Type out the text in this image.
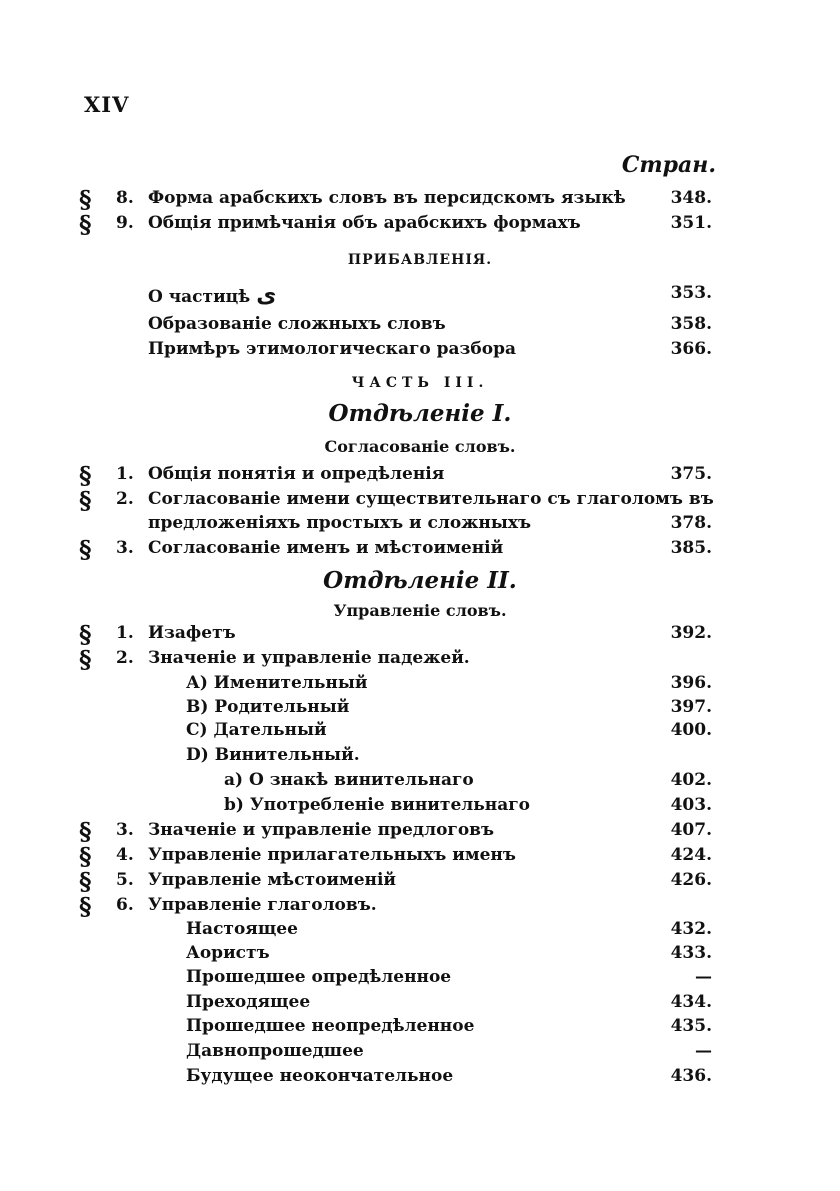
XIV
Стран.
§ 8. Форма арабскихъ словъ въ персидскомъ языкѣ	348.
§ 9. Общія примѣчанія объ арабскихъ формахъ	351.
ПРИБАВЛЕНІЯ.
О частицѣ ى	353.
Образованіе сложныхъ словъ	358.
Примѣръ этимологическаго разбора	366.
ЧАСТЬ III.
Отдѣленіе I.
Согласованіе словъ.
§ 1. Общія понятія и опредѣленія	375.
§ 2. Согласованіе имени существительнаго съ глаголомъ въ
предложеніяхъ простыхъ и сложныхъ	378.
§ 3. Согласованіе именъ и мѣстоименій	385.
Отдѣленіе II.
Управленіе словъ.
§ 1. Изафетъ	392.
§ 2. Значеніе и управленіе падежей.
А) Именительный	396.
В) Родительный	397.
С) Дательный	400.
D) Винительный.
a) О знакѣ винительнаго	402.
b) Употребленіе винительнаго	403.
§ 3. Значеніе и управленіе предлоговъ	407.
§ 4. Управленіе прилагательныхъ именъ	424.
§ 5. Управленіе мѣстоименій	426.
§ 6. Управленіе глаголовъ.
Настоящее	432.
Аористъ	433.
Прошедшее опредѣленное	—
Преходящее	434.
Прошедшее неопредѣленное	435.
Давнопрошедшее	—
Будущее неокончательное	436.
